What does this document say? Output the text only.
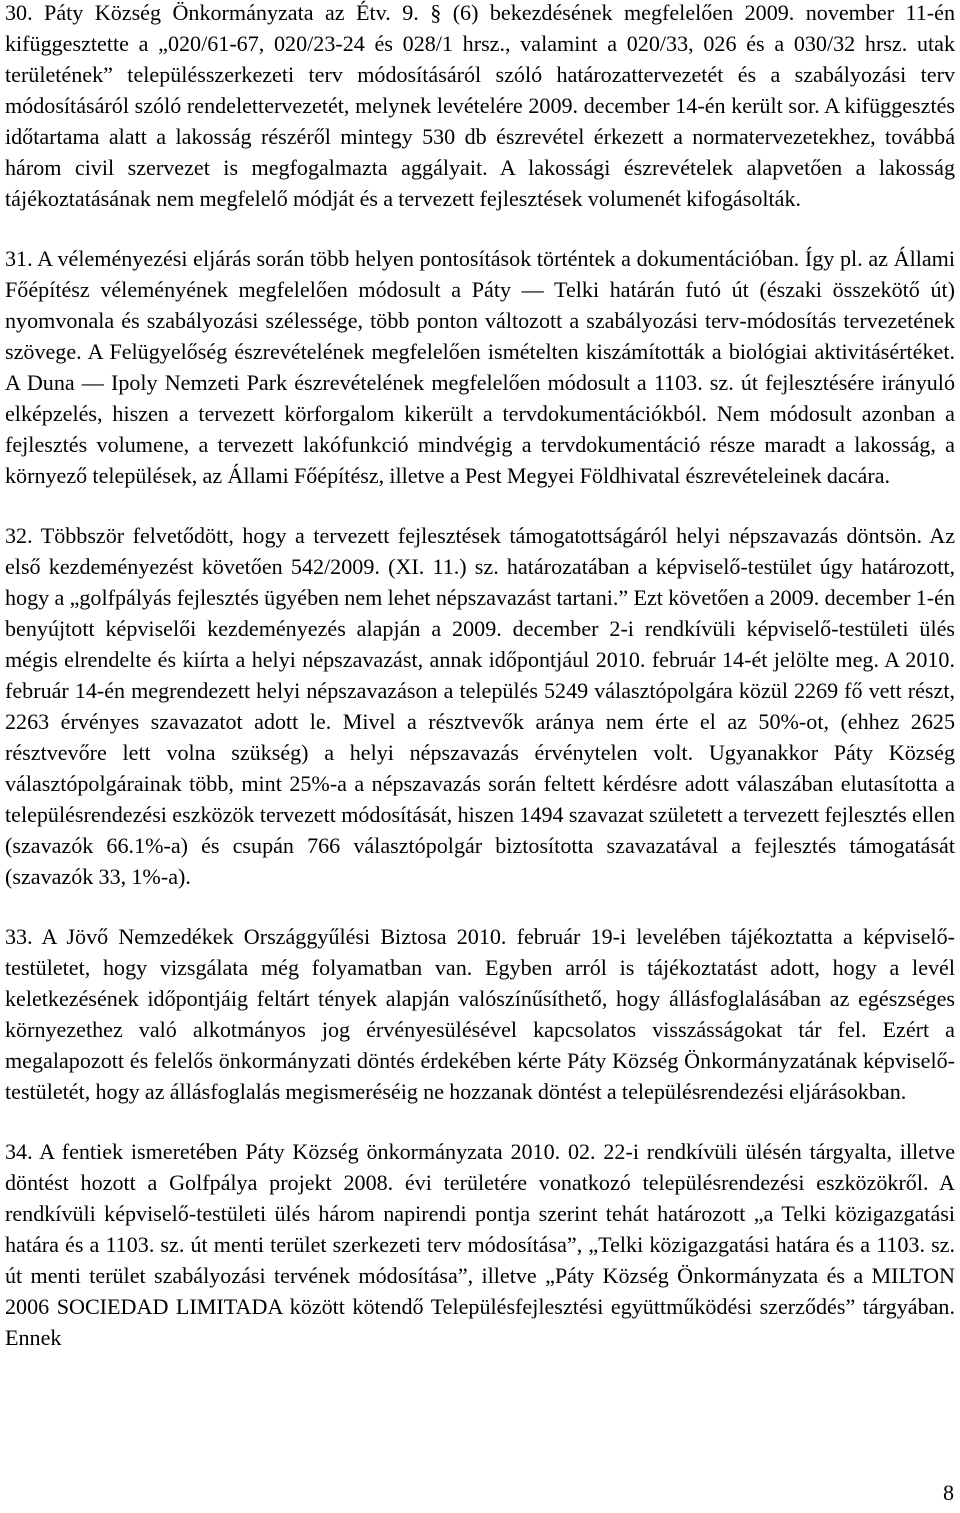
30. Páty Község Önkormányzata az Étv. 9. § (6) bekezdésének megfelelően 2009. november 11-én kifüggesztette a „020/61-67, 020/23-24 és 028/1 hrsz., valamint a 020/33, 026 és a 030/32 hrsz. utak területének” településszerkezeti terv módosításáról szóló határozattervezetét és a szabályozási terv módosításáról szóló rendelettervezetét, melynek levételére 2009. december 14-én került sor. A kifüggesztés időtartama alatt a lakosság részéről mintegy 530 db észrevétel érkezett a normatervezetekhez, továbbá három civil szervezet is megfogalmazta aggályait. A lakossági észrevételek alapvetően a lakosság tájékoztatásának nem megfelelő módját és a tervezett fejlesztések volumenét kifogásolták.

31. A véleményezési eljárás során több helyen pontosítások történtek a dokumentációban. Így pl. az Állami Főépítész véleményének megfelelően módosult a Páty — Telki határán futó út (északi összekötő út) nyomvonala és szabályozási szélessége, több ponton változott a szabályozási terv-módosítás tervezetének szövege. A Felügyelőség észrevételének megfelelően ismételten kiszámították a biológiai aktivitásértéket. A Duna — Ipoly Nemzeti Park észrevételének megfelelően módosult a 1103. sz. út fejlesztésére irányuló elképzelés, hiszen a tervezett körforgalom kikerült a tervdokumentációkból. Nem módosult azonban a fejlesztés volumene, a tervezett lakófunkció mindvégig a tervdokumentáció része maradt a lakosság, a környező települések, az Állami Főépítész, illetve a Pest Megyei Földhivatal észrevételeinek dacára.

32. Többször felvetődött, hogy a tervezett fejlesztések támogatottságáról helyi népszavazás döntsön. Az első kezdeményezést követően 542/2009. (XI. 11.) sz. határozatában a képviselő-testület úgy határozott, hogy a „golfpályás fejlesztés ügyében nem lehet népszavazást tartani.” Ezt követően a 2009. december 1-én benyújtott képviselői kezdeményezés alapján a 2009. december 2-i rendkívüli képviselő-testületi ülés mégis elrendelte és kiírta a helyi népszavazást, annak időpontjául 2010. február 14-ét jelölte meg. A 2010. február 14-én megrendezett helyi népszavazáson a település 5249 választópolgára közül 2269 fő vett részt, 2263 érvényes szavazatot adott le. Mivel a résztvevők aránya nem érte el az 50%-ot, (ehhez 2625 résztvevőre lett volna szükség) a helyi népszavazás érvénytelen volt. Ugyanakkor Páty Község választópolgárainak több, mint 25%-a a népszavazás során feltett kérdésre adott válaszában elutasította a településrendezési eszközök tervezett módosítását, hiszen 1494 szavazat született a tervezett fejlesztés ellen (szavazók 66.1%-a) és csupán 766 választópolgár biztosította szavazatával a fejlesztés támogatását (szavazók 33, 1%-a).

33. A Jövő Nemzedékek Országgyűlési Biztosa 2010. február 19-i levelében tájékoztatta a képviselő-testületet, hogy vizsgálata még folyamatban van. Egyben arról is tájékoztatást adott, hogy a levél keletkezésének időpontjáig feltárt tények alapján valószínűsíthető, hogy állásfoglalásában az egészséges környezethez való alkotmányos jog érvényesülésével kapcsolatos visszásságokat tár fel. Ezért a megalapozott és felelős önkormányzati döntés érdekében kérte Páty Község Önkormányzatának képviselő-testületét, hogy az állásfoglalás megismeréséig ne hozzanak döntést a településrendezési eljárásokban.

34. A fentiek ismeretében Páty Község önkormányzata 2010. 02. 22-i rendkívüli ülésén tárgyalta, illetve döntést hozott a Golfpálya projekt 2008. évi területére vonatkozó településrendezési eszközökről. A rendkívüli képviselő-testületi ülés három napirendi pontja szerint tehát határozott „a Telki közigazgatási határa és a 1103. sz. út menti terület szerkezeti terv módosítása”, „Telki közigazgatási határa és a 1103. sz. út menti terület szabályozási tervének módosítása”, illetve „Páty Község Önkormányzata és a MILTON 2006 SOCIEDAD LIMITADA között kötendő Településfejlesztési együttműködési szerződés” tárgyában. Ennek

8
